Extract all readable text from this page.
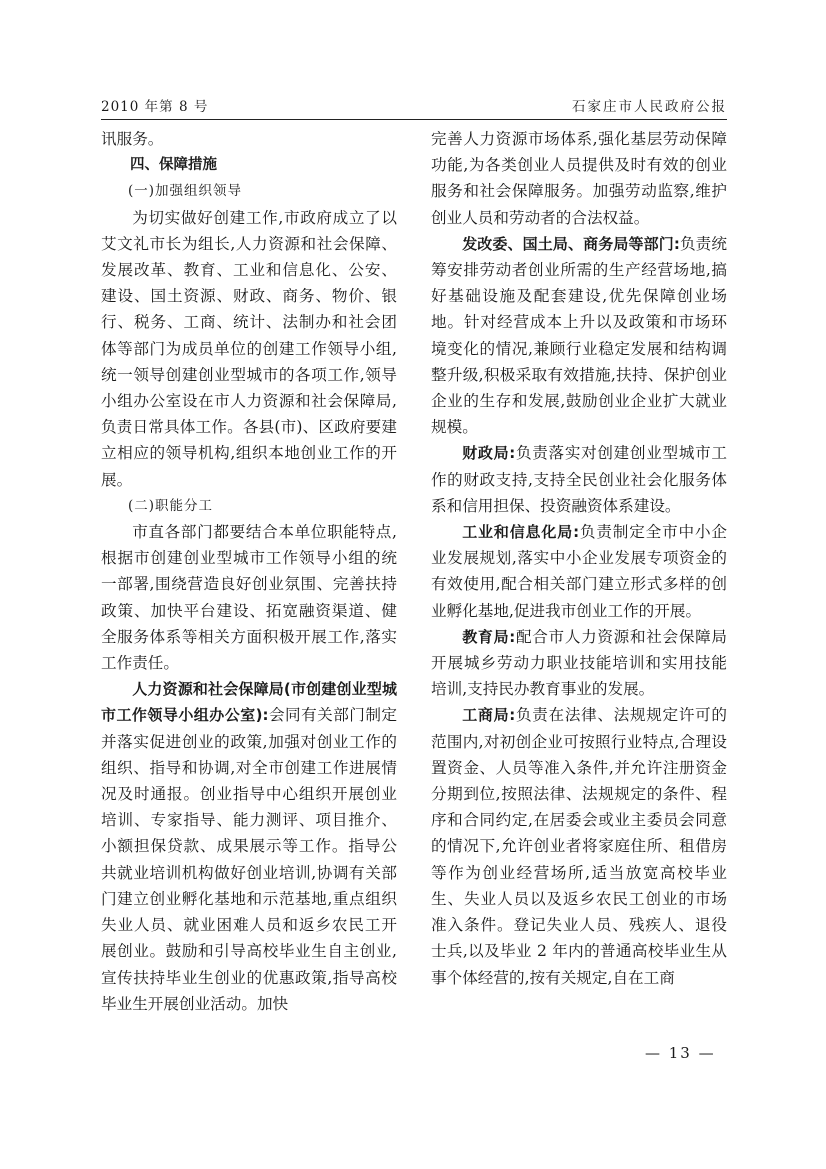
2010 年第 8 号	石家庄市人民政府公报

讯服务。

四、保障措施

(一)加强组织领导

为切实做好创建工作,市政府成立了以艾文礼市长为组长,人力资源和社会保障、发展改革、教育、工业和信息化、公安、建设、国土资源、财政、商务、物价、银行、税务、工商、统计、法制办和社会团体等部门为成员单位的创建工作领导小组,统一领导创建创业型城市的各项工作,领导小组办公室设在市人力资源和社会保障局,负责日常具体工作。各县(市)、区政府要建立相应的领导机构,组织本地创业工作的开展。

(二)职能分工

市直各部门都要结合本单位职能特点,根据市创建创业型城市工作领导小组的统一部署,围绕营造良好创业氛围、完善扶持政策、加快平台建设、拓宽融资渠道、健全服务体系等相关方面积极开展工作,落实工作责任。

人力资源和社会保障局(市创建创业型城市工作领导小组办公室):会同有关部门制定并落实促进创业的政策,加强对创业工作的组织、指导和协调,对全市创建工作进展情况及时通报。创业指导中心组织开展创业培训、专家指导、能力测评、项目推介、小额担保贷款、成果展示等工作。指导公共就业培训机构做好创业培训,协调有关部门建立创业孵化基地和示范基地,重点组织失业人员、就业困难人员和返乡农民工开展创业。鼓励和引导高校毕业生自主创业,宣传扶持毕业生创业的优惠政策,指导高校毕业生开展创业活动。加快

完善人力资源市场体系,强化基层劳动保障功能,为各类创业人员提供及时有效的创业服务和社会保障服务。加强劳动监察,维护创业人员和劳动者的合法权益。

发改委、国土局、商务局等部门:负责统筹安排劳动者创业所需的生产经营场地,搞好基础设施及配套建设,优先保障创业场地。针对经营成本上升以及政策和市场环境变化的情况,兼顾行业稳定发展和结构调整升级,积极采取有效措施,扶持、保护创业企业的生存和发展,鼓励创业企业扩大就业规模。

财政局:负责落实对创建创业型城市工作的财政支持,支持全民创业社会化服务体系和信用担保、投资融资体系建设。

工业和信息化局:负责制定全市中小企业发展规划,落实中小企业发展专项资金的有效使用,配合相关部门建立形式多样的创业孵化基地,促进我市创业工作的开展。

教育局:配合市人力资源和社会保障局开展城乡劳动力职业技能培训和实用技能培训,支持民办教育事业的发展。

工商局:负责在法律、法规规定许可的范围内,对初创企业可按照行业特点,合理设置资金、人员等准入条件,并允许注册资金分期到位,按照法律、法规规定的条件、程序和合同约定,在居委会或业主委员会同意的情况下,允许创业者将家庭住所、租借房等作为创业经营场所,适当放宽高校毕业生、失业人员以及返乡农民工创业的市场准入条件。登记失业人员、残疾人、退役士兵,以及毕业 2 年内的普通高校毕业生从事个体经营的,按有关规定,自在工商

— 13 —
